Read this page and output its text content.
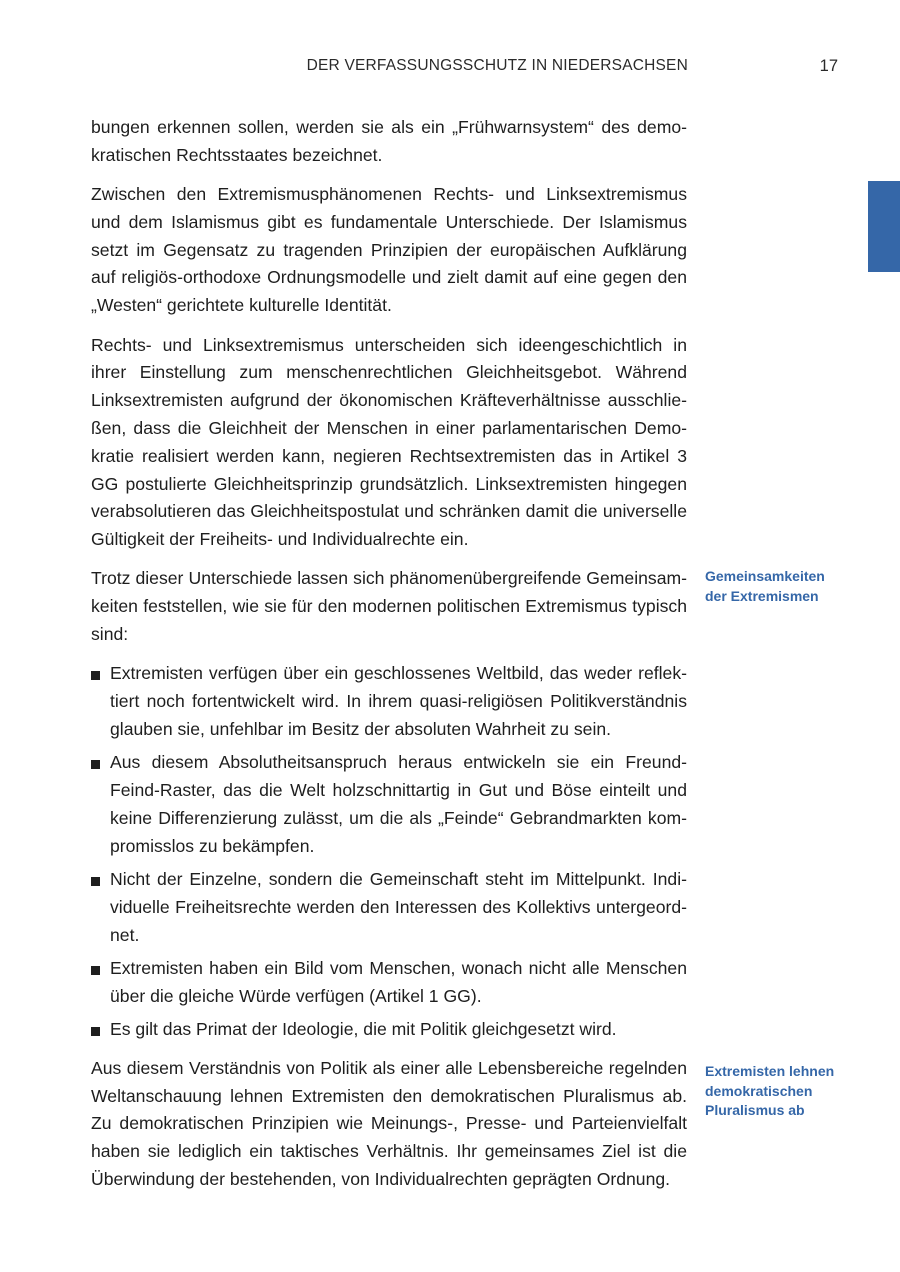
DER VERFASSUNGSSCHUTZ IN NIEDERSACHSEN	17

bungen erkennen sollen, werden sie als ein „Frühwarnsystem“ des demokratischen Rechtsstaates bezeichnet.

Zwischen den Extremismusphänomenen Rechts- und Linksextremismus und dem Islamismus gibt es fundamentale Unterschiede. Der Islamismus setzt im Gegensatz zu tragenden Prinzipien der europäischen Aufklärung auf religiös-orthodoxe Ordnungsmodelle und zielt damit auf eine gegen den „Westen“ gerichtete kulturelle Identität.

Rechts- und Linksextremismus unterscheiden sich ideengeschichtlich in ihrer Einstellung zum menschenrechtlichen Gleichheitsgebot. Während Linksextremisten aufgrund der ökonomischen Kräfteverhältnisse ausschließen, dass die Gleichheit der Menschen in einer parlamentarischen Demokratie realisiert werden kann, negieren Rechtsextremisten das in Artikel 3 GG postulierte Gleichheitsprinzip grundsätzlich. Linksextremisten hingegen verabsolutieren das Gleichheitspostulat und schränken damit die universelle Gültigkeit der Freiheits- und Individualrechte ein.

Trotz dieser Unterschiede lassen sich phänomenübergreifende Gemeinsamkeiten feststellen, wie sie für den modernen politischen Extremismus typisch sind:

Extremisten verfügen über ein geschlossenes Weltbild, das weder reflektiert noch fortentwickelt wird. In ihrem quasi-religiösen Politikverständnis glauben sie, unfehlbar im Besitz der absoluten Wahrheit zu sein.
Aus diesem Absolutheitsanspruch heraus entwickeln sie ein Freund-Feind-Raster, das die Welt holzschnittartig in Gut und Böse einteilt und keine Differenzierung zulässt, um die als „Feinde“ Gebrandmarkten kompromisslos zu bekämpfen.
Nicht der Einzelne, sondern die Gemeinschaft steht im Mittelpunkt. Individuelle Freiheitsrechte werden den Interessen des Kollektivs untergeordnet.
Extremisten haben ein Bild vom Menschen, wonach nicht alle Menschen über die gleiche Würde verfügen (Artikel 1 GG).
Es gilt das Primat der Ideologie, die mit Politik gleichgesetzt wird.

Aus diesem Verständnis von Politik als einer alle Lebensbereiche regelnden Weltanschauung lehnen Extremisten den demokratischen Pluralismus ab. Zu demokratischen Prinzipien wie Meinungs-, Presse- und Parteienvielfalt haben sie lediglich ein taktisches Verhältnis. Ihr gemeinsames Ziel ist die Überwindung der bestehenden, von Individualrechten geprägten Ordnung.

Gemeinsamkeiten
der Extremismen
Extremisten lehnen
demokratischen
Pluralismus ab
